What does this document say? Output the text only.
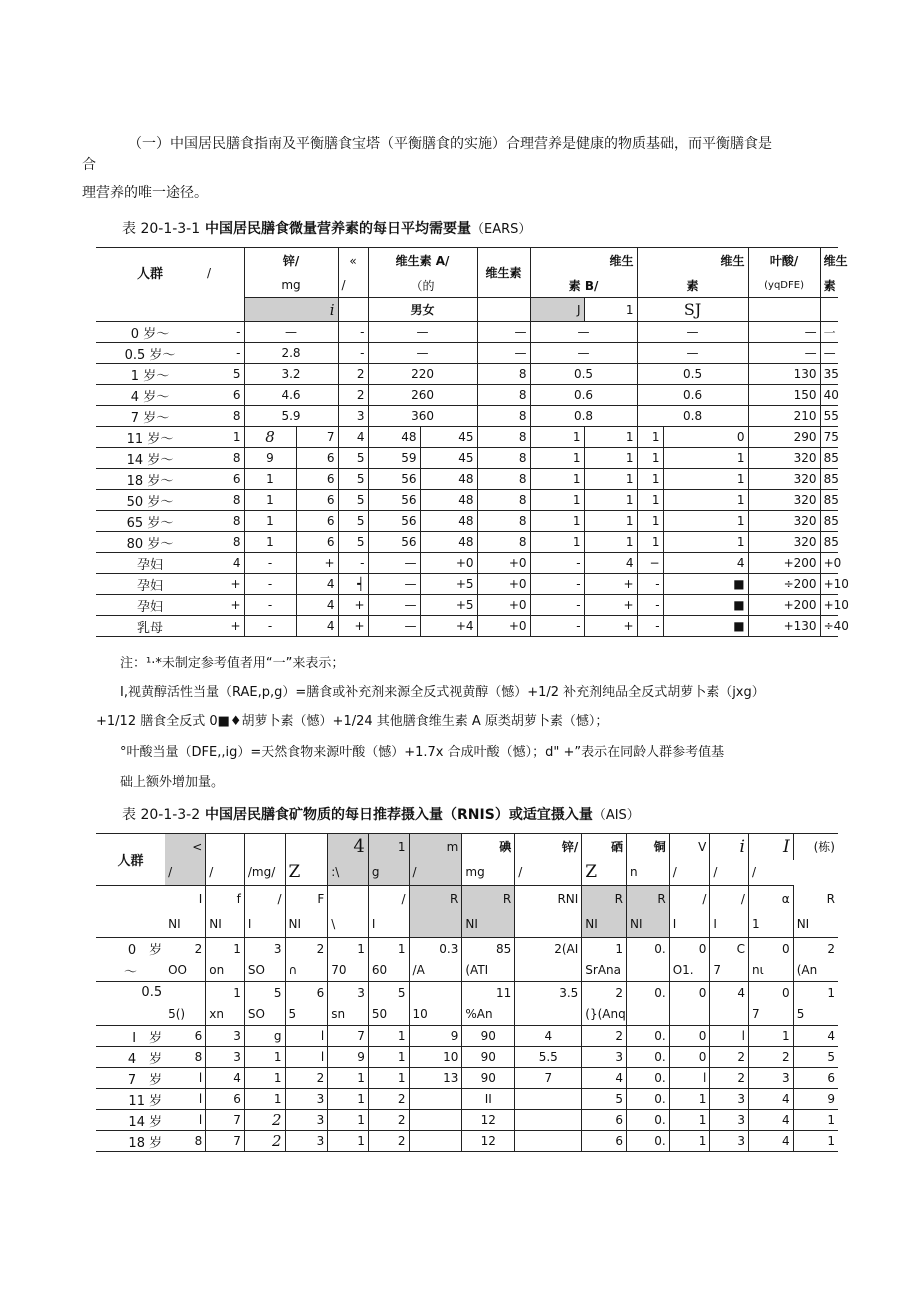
（一）中国居民膳食指南及平衡膳食宝塔（平衡膳食的实施）合理营养是健康的物质基础，而平衡膳食是
合
理营养的唯一途径。
表 20-1-3-1 中国居民膳食微量营养素的每日平均需要量（EARS）
人群	/	锌/		«	维生素 A/		维生素	维生		维生		叶酸/	维生
		mg		/	（的			素 B/		素		(yqDFE)	素
		i			男女			J	1	SJ			
0 岁～	-	—		-	—		—	—		—		—	一
0.5 岁～	-	2.8		-	—		—	—		—		—	—
1 岁～	5	3.2		2	220		8	0.5		0.5		130	35
4 岁～	6	4.6		2	260		8	0.6		0.6		150	40
7 岁～	8	5.9		3	360		8	0.8		0.8		210	55
11 岁～	1	8	7	4	48	45	8	1	1	1	0	290	75
14 岁～	8	9	6	5	59	45	8	1	1	1	1	320	85
18 岁～	6	1	6	5	56	48	8	1	1	1	1	320	85
50 岁～	8	1	6	5	56	48	8	1	1	1	1	320	85
65 岁～	8	1	6	5	56	48	8	1	1	1	1	320	85
80 岁～	8	1	6	5	56	48	8	1	1	1	1	320	85
孕妇	4	-	+	-	—	+0	+0	-	4	−	4	+200	+0
孕妇	+	-	4	┥	—	+5	+0	-	+	-	■	÷200	+10
孕妇	+	-	4	+	—	+5	+0	-	+	-	■	+200	+10
乳母	+	-	4	+	—	+4	+0	-	+	-	■	+130	÷40
注：¹·*未制定参考值者用“一”来表示；
I,视黄醇活性当量（RAE,p,g）=膳食或补充剂来源全反式视黄醇（憾）+1/2 补充剂纯品全反式胡萝卜素（jxg）
+1/12 膳食全反式 0■♦胡萝卜素（憾）+1/24 其他膳食维生素 A 原类胡萝卜素（憾）；
°叶酸当量（DFE,,ig）=天然食物来源叶酸（憾）+1.7x 合成叶酸（憾）；d" +”表示在同龄人群参考值基
础上额外增加量。
表 20-1-3-2 中国居民膳食矿物质的每日推荐摄入量（RNIS）或适宜摄入量（AIS）
人群	<				4	1	m	碘	锌/	硒	铜	V	i	I	(栋)
	/	/	/mg/	Z	:\	g	/	mg	/	Z	n	/	/	/	
	I	f	/	F		/	R	R	RNI	R	R	/	/	α	R
	NI	NI	I	NI	\	I		NI		NI	NI	I	I	1	NI
0　岁	2	1	3	2	1	1	0.3	85	2(AI	1	0.	0	C	0	2
～	OO	on	SO	∩	70	60	/A	(ATI		SrAna		O1.	7	nι	(An
0.5		1	5	6	3	5		11	3.5	2	0.	0	4	0	1
	5()	xn	SO	5	sn	50	10	%An		(}(Anq				7	5
I　岁	6	3	g	l	7	1	9	90	4	2	0.	0	l	1	4
4　岁	8	3	1	l	9	1	10	90	5.5	3	0.	0	2	2	5
7　岁	l	4	1	2	1	1	13	90	7	4	0.	l	2	3	6
11 岁	l	6	1	3	1	2		II		5	0.	1	3	4	9
14 岁	l	7	2	3	1	2		12		6	0.	1	3	4	1
18 岁	8	7	2	3	1	2		12		6	0.	1	3	4	1
